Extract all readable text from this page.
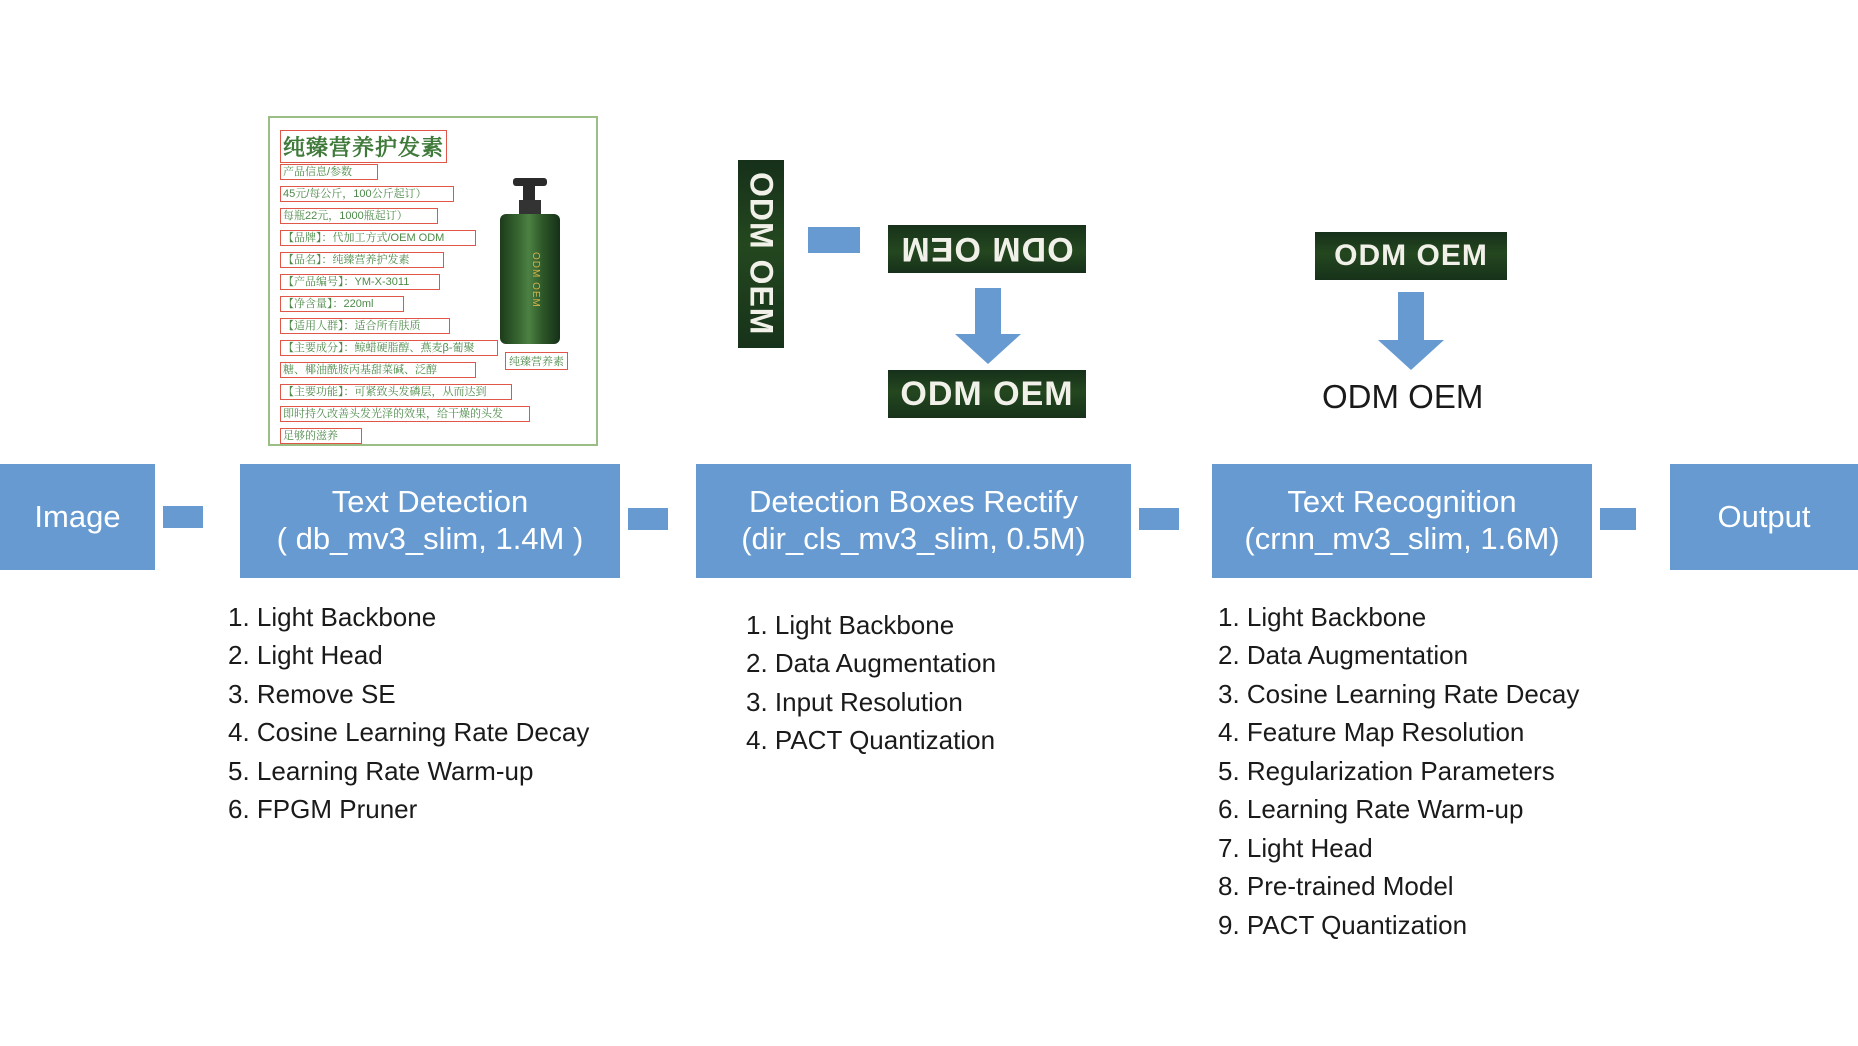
纯臻营养护发素
产品信息/参数
45元/每公斤，100公斤起订）
每瓶22元，1000瓶起订）
【品牌】：代加工方式/OEM ODM
【品名】：纯臻营养护发素
【产品编号】：YM-X-3011
【净含量】：220ml
【适用人群】：适合所有肤质
【主要成分】：鲸蜡硬脂醇、燕麦β-葡聚
糖、椰油酰胺丙基甜菜碱、泛醇
【主要功能】：可紧致头发磷层，从而达到
即时持久改善头发光泽的效果，给干燥的头发
足够的滋养
ODM OEM
纯臻营养素
ODM OEM	ODM OEM
ODM OEM
ODM OEM
ODM OEM
Image	Text Detection
( db_mv3_slim, 1.4M )
Detection Boxes Rectify
(dir_cls_mv3_slim, 0.5M)
Text Recognition
(crnn_mv3_slim, 1.6M)
Output
1. Light Backbone
2. Light Head
3. Remove SE
4. Cosine Learning Rate Decay
5. Learning Rate Warm-up
6. FPGM Pruner
1. Light Backbone
2. Data Augmentation
3. Input Resolution
4. PACT Quantization
1. Light Backbone
2. Data Augmentation
3. Cosine Learning Rate Decay
4. Feature Map Resolution
5. Regularization Parameters
6. Learning Rate Warm-up
7. Light Head
8. Pre-trained Model
9. PACT Quantization
